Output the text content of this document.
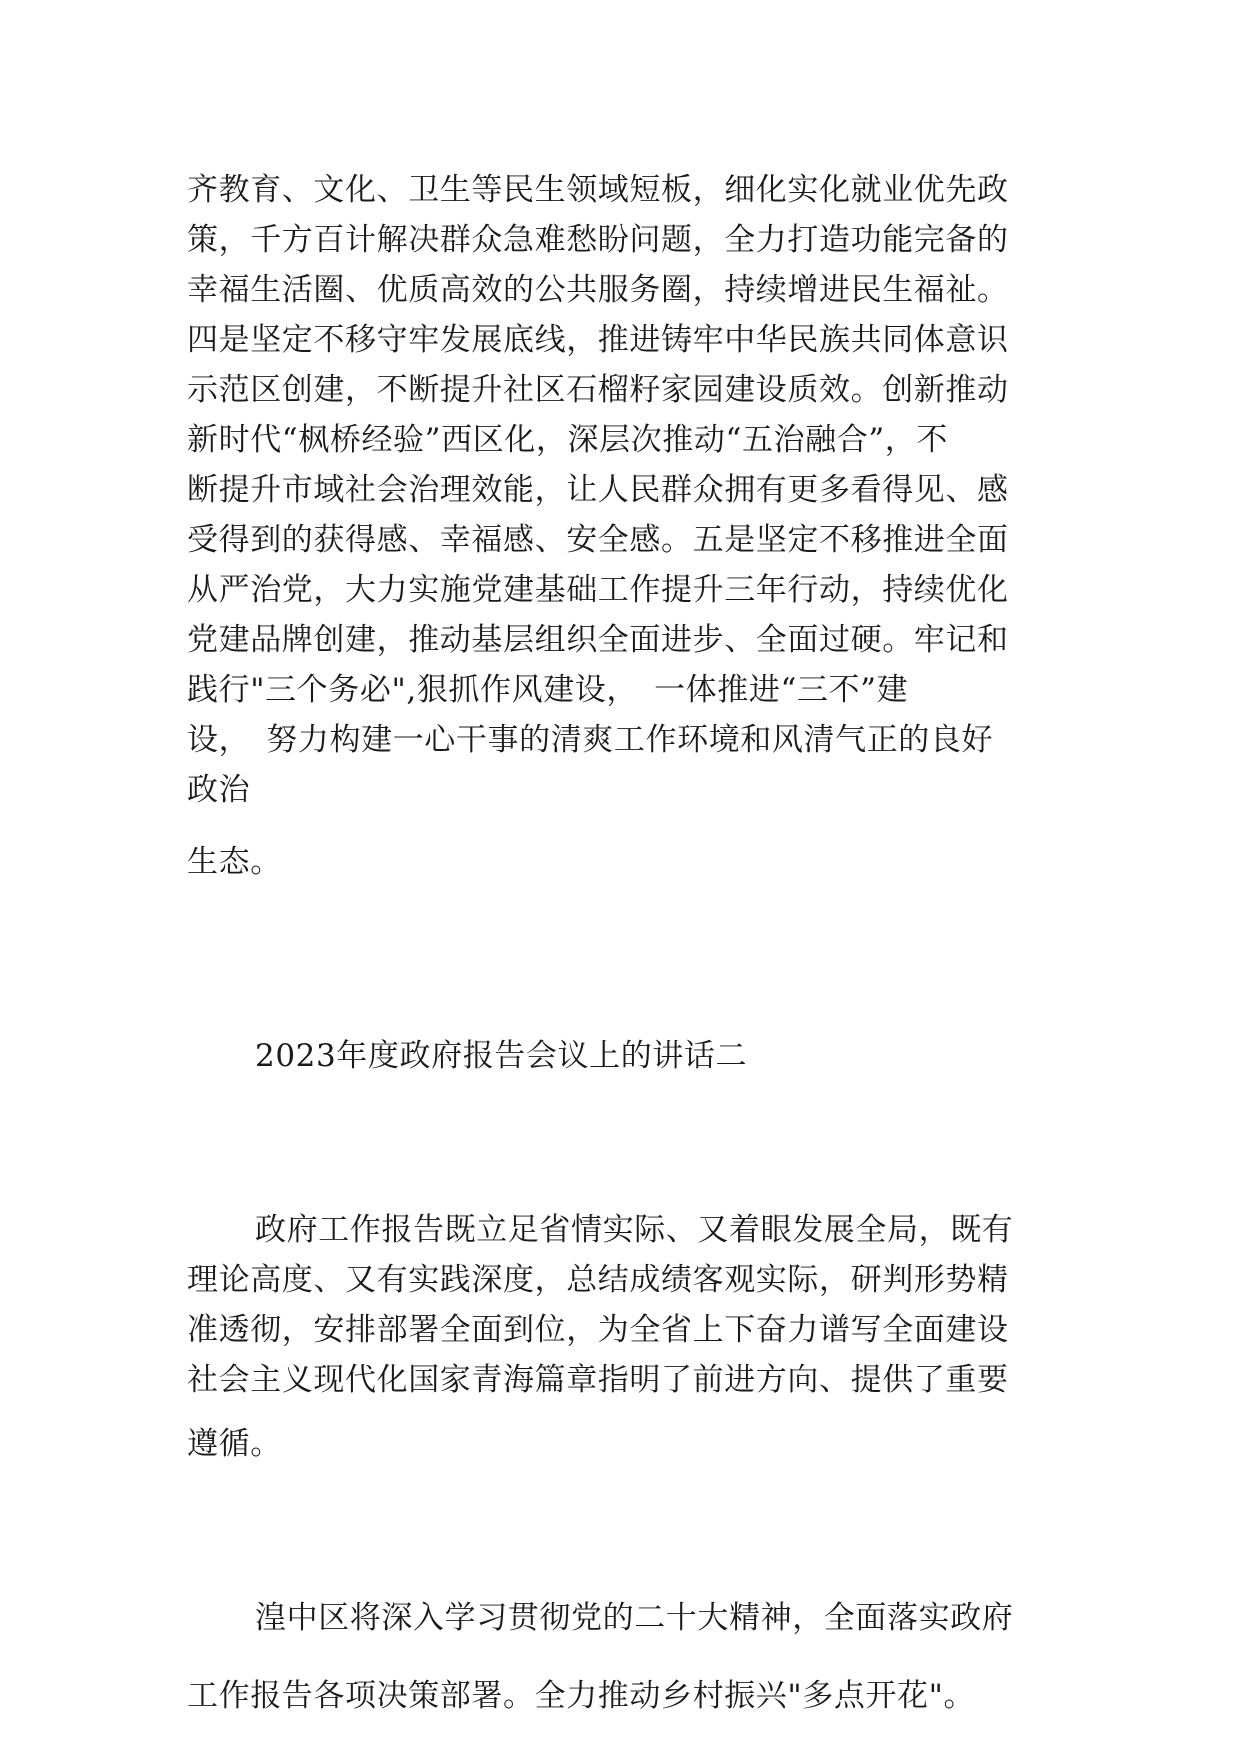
齐教育、文化、卫生等民生领域短板，细化实化就业优先政
策，千方百计解决群众急难愁盼问题，全力打造功能完备的
幸福生活圈、优质高效的公共服务圈，持续增进民生福祉。
四是坚定不移守牢发展底线，推进铸牢中华民族共同体意识
示范区创建，不断提升社区石榴籽家园建设质效。创新推动
新时代“枫桥经验”西区化，深层次推动“五治融合”，不
断提升市域社会治理效能，让人民群众拥有更多看得见、感
受得到的获得感、幸福感、安全感。五是坚定不移推进全面
从严治党，大力实施党建基础工作提升三年行动，持续优化
党建品牌创建，推动基层组织全面进步、全面过硬。牢记和
践行"三个务必",狠抓作风建设，　一体推进“三不”建
设，　努力构建一心干事的清爽工作环境和风清气正的良好
政治
生态。
2023年度政府报告会议上的讲话二
政府工作报告既立足省情实际、又着眼发展全局，既有
理论高度、又有实践深度，总结成绩客观实际，研判形势精
准透彻，安排部署全面到位，为全省上下奋力谱写全面建设
社会主义现代化国家青海篇章指明了前进方向、提供了重要
遵循。
湟中区将深入学习贯彻党的二十大精神，全面落实政府
工作报告各项决策部署。全力推动乡村振兴"多点开花"。
